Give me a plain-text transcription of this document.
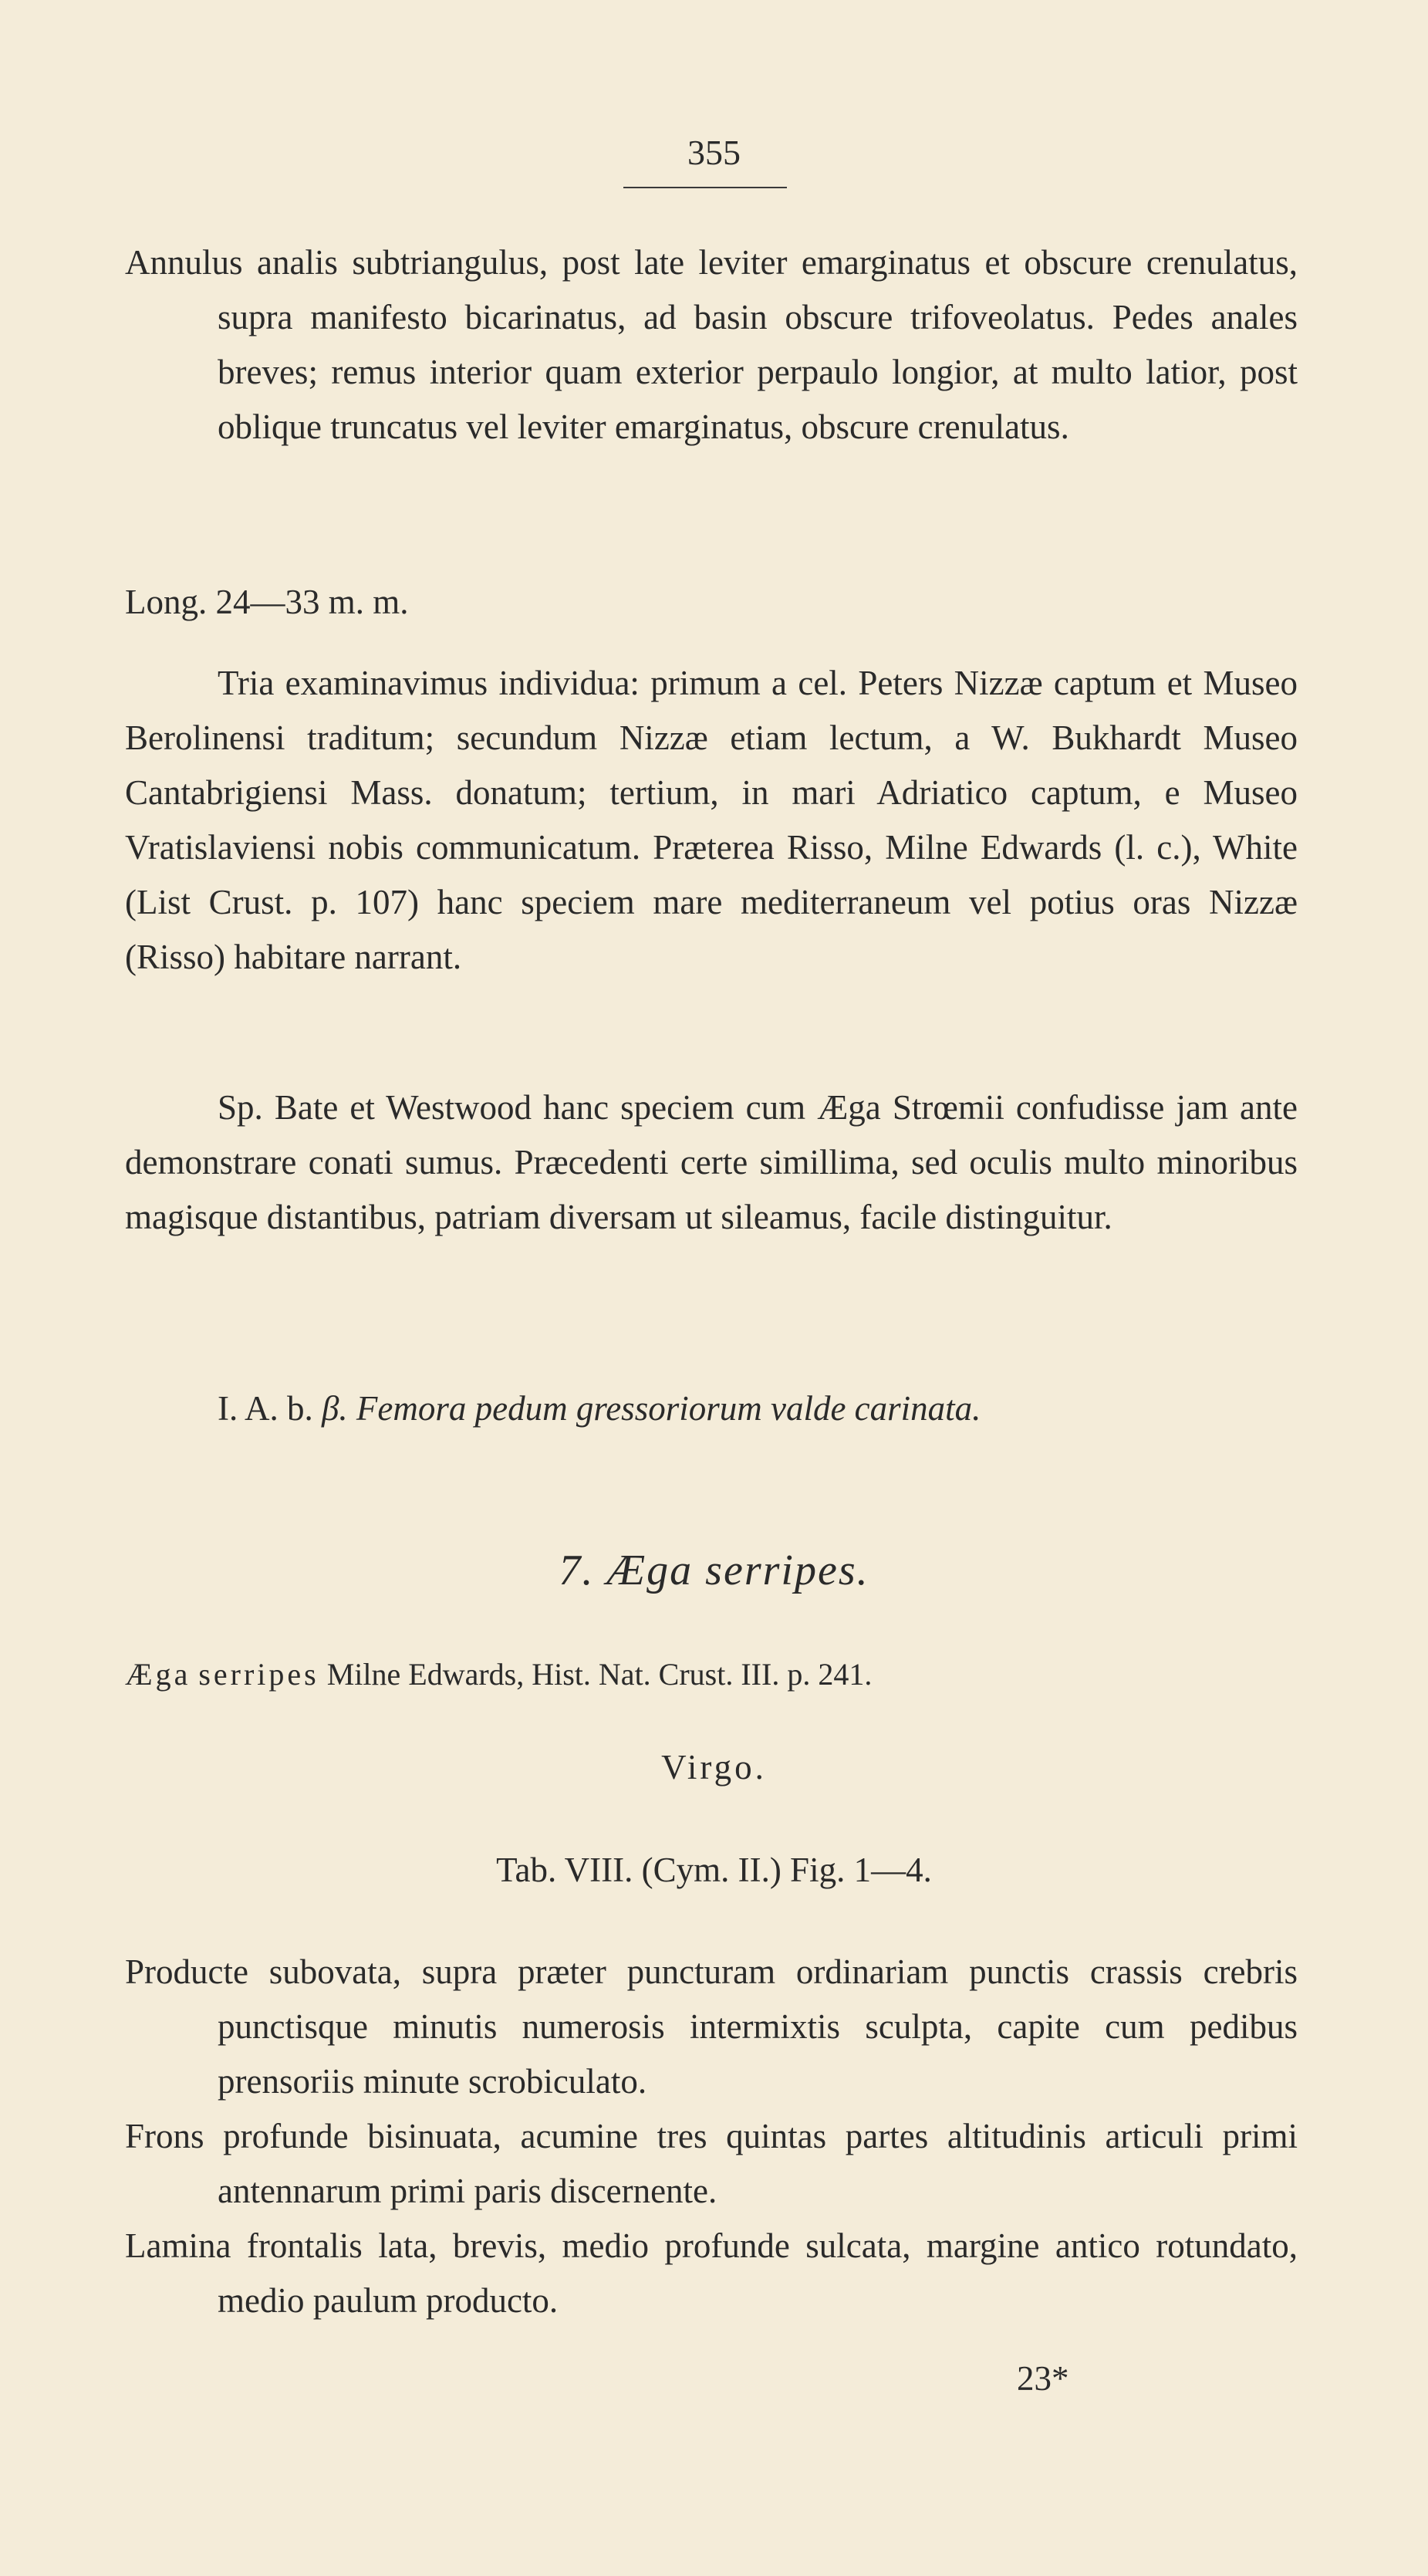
355

Annulus analis subtriangulus, post late leviter emarginatus et obscure crenulatus, supra manifesto bicarinatus, ad basin obscure trifoveolatus. Pedes anales breves; remus interior quam exterior perpaulo longior, at multo latior, post oblique truncatus vel leviter emarginatus, obscure crenulatus.

Long. 24—33 m. m.

Tria examinavimus individua: primum a cel. Peters Nizzæ captum et Museo Berolinensi traditum; secundum Nizzæ etiam lectum, a W. Bukhardt Museo Cantabrigiensi Mass. donatum; tertium, in mari Adriatico captum, e Museo Vratislaviensi nobis communicatum. Præterea Risso, Milne Edwards (l. c.), White (List Crust. p. 107) hanc speciem mare mediterraneum vel potius oras Nizzæ (Risso) habitare narrant.

Sp. Bate et Westwood hanc speciem cum Æga Strœmii confudisse jam ante demonstrare conati sumus. Præcedenti certe simillima, sed oculis multo minoribus magisque distantibus, patriam diversam ut sileamus, facile distinguitur.

I. A. b. β. Femora pedum gressoriorum valde carinata.

7. Æga serripes.
Æga serripes Milne Edwards, Hist. Nat. Crust. III. p. 241.
Virgo.
Tab. VIII. (Cym. II.) Fig. 1—4.

Producte subovata, supra præter puncturam ordinariam punctis crassis crebris punctisque minutis numerosis intermixtis sculpta, capite cum pedibus prensoriis minute scrobiculato.

Frons profunde bisinuata, acumine tres quintas partes altitudinis articuli primi antennarum primi paris discernente.

Lamina frontalis lata, brevis, medio profunde sulcata, margine antico rotundato, medio paulum producto.

23*
